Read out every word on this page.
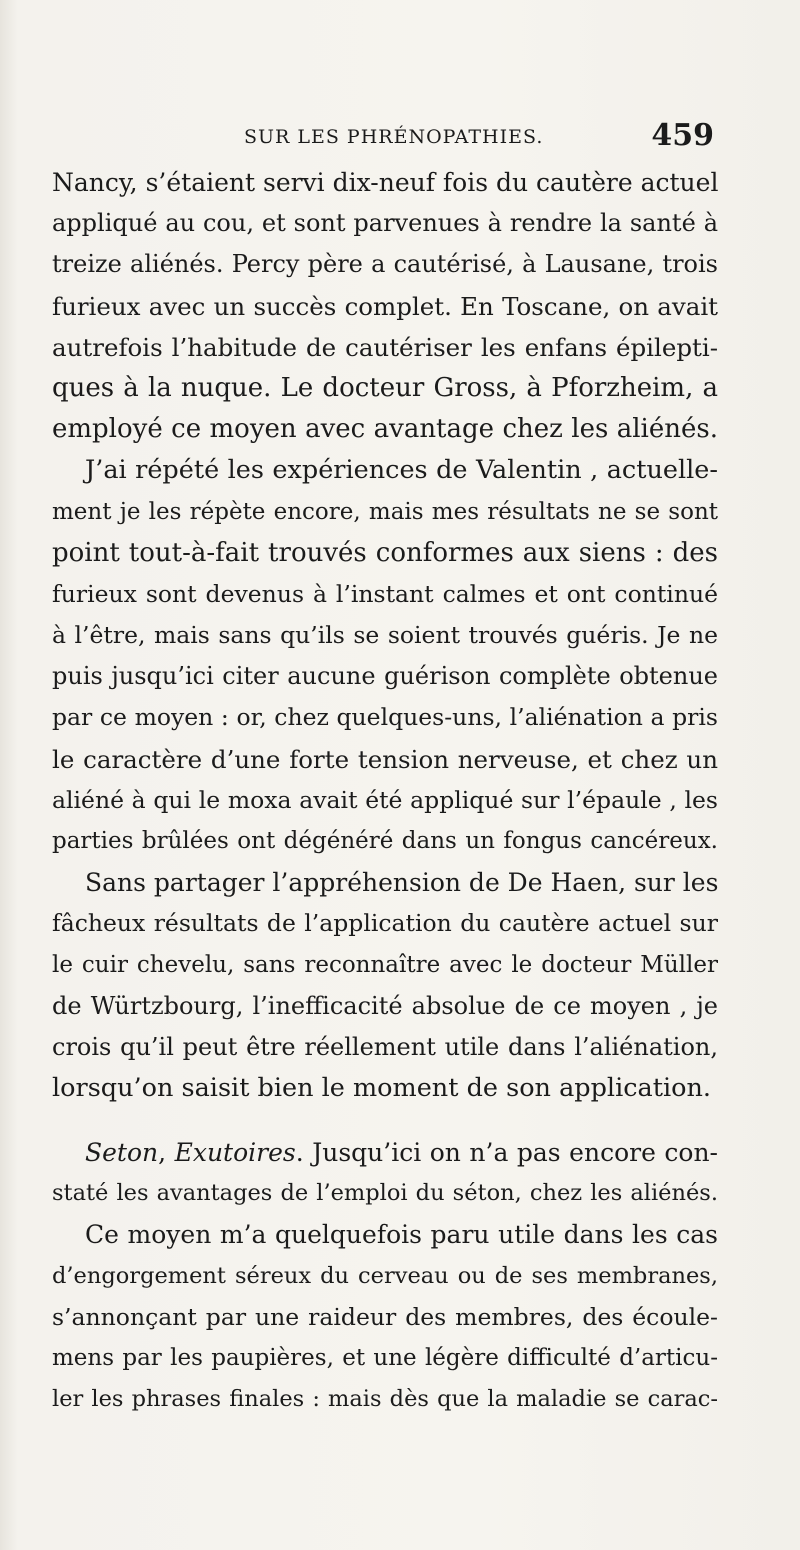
SUR LES PHRÉNOPATHIES.	459
Nancy, s’étaient servi dix-neuf fois du cautère actuel
appliqué au cou, et sont parvenues à rendre la santé à
treize aliénés. Percy père a cautérisé, à Lausane, trois
furieux avec un succès complet. En Toscane, on avait
autrefois l’habitude de cautériser les enfans épilepti-
ques à la nuque. Le docteur Gross, à Pforzheim, a
employé ce moyen avec avantage chez les aliénés.
J’ai répété les expériences de Valentin , actuelle-
ment je les répète encore, mais mes résultats ne se sont
point tout-à-fait trouvés conformes aux siens : des
furieux sont devenus à l’instant calmes et ont continué
à l’être, mais sans qu’ils se soient trouvés guéris. Je ne
puis jusqu’ici citer aucune guérison complète obtenue
par ce moyen : or, chez quelques-uns, l’aliénation a pris
le caractère d’une forte tension nerveuse, et chez un
aliéné à qui le moxa avait été appliqué sur l’épaule , les
parties brûlées ont dégénéré dans un fongus cancéreux.
Sans partager l’appréhension de De Haen, sur les
fâcheux résultats de l’application du cautère actuel sur
le cuir chevelu, sans reconnaître avec le docteur Müller
de Würtzbourg, l’inefficacité absolue de ce moyen , je
crois qu’il peut être réellement utile dans l’aliénation,
lorsqu’on saisit bien le moment de son application.
Seton, Exutoires. Jusqu’ici on n’a pas encore con-
staté les avantages de l’emploi du séton, chez les aliénés.
Ce moyen m’a quelquefois paru utile dans les cas
d’engorgement séreux du cerveau ou de ses membranes,
s’annonçant par une raideur des membres, des écoule-
mens par les paupières, et une légère difficulté d’articu-
ler les phrases finales : mais dès que la maladie se carac-
